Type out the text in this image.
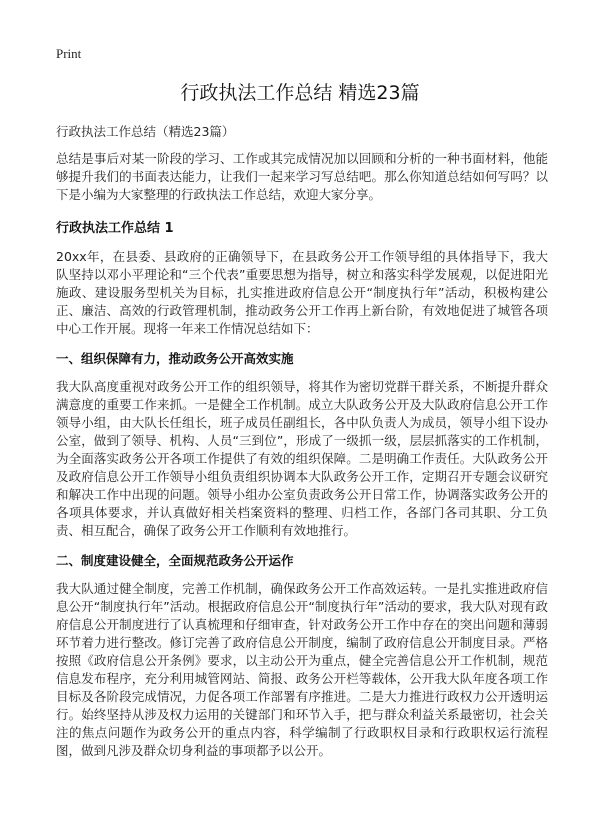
Print
行政执法工作总结 精选23篇
行政执法工作总结（精选23篇）

总结是事后对某一阶段的学习、工作或其完成情况加以回顾和分析的一种书面材料，他能够提升我们的书面表达能力，让我们一起来学习写总结吧。那么你知道总结如何写吗？以下是小编为大家整理的行政执法工作总结，欢迎大家分享。

行政执法工作总结 1

20xx年，在县委、县政府的正确领导下，在县政务公开工作领导组的具体指导下，我大队坚持以邓小平理论和“三个代表”重要思想为指导，树立和落实科学发展观，以促进阳光施政、建设服务型机关为目标，扎实推进政府信息公开“制度执行年”活动，积极构建公正、廉洁、高效的行政管理机制，推动政务公开工作再上新台阶，有效地促进了城管各项中心工作开展。现将一年来工作情况总结如下：

一、组织保障有力，推动政务公开高效实施

我大队高度重视对政务公开工作的组织领导，将其作为密切党群干群关系，不断提升群众满意度的重要工作来抓。一是健全工作机制。成立大队政务公开及大队政府信息公开工作领导小组，由大队长任组长，班子成员任副组长，各中队负责人为成员，领导小组下设办公室，做到了领导、机构、人员“三到位”，形成了一级抓一级，层层抓落实的工作机制，为全面落实政务公开各项工作提供了有效的组织保障。二是明确工作责任。大队政务公开及政府信息公开工作领导小组负责组织协调本大队政务公开工作，定期召开专题会议研究和解决工作中出现的问题。领导小组办公室负责政务公开日常工作，协调落实政务公开的各项具体要求，并认真做好相关档案资料的整理、归档工作，各部门各司其职、分工负责、相互配合，确保了政务公开工作顺利有效地推行。

二、制度建设健全，全面规范政务公开运作

我大队通过健全制度，完善工作机制，确保政务公开工作高效运转。一是扎实推进政府信息公开“制度执行年”活动。根据政府信息公开“制度执行年”活动的要求，我大队对现有政府信息公开制度进行了认真梳理和仔细审查，针对政务公开工作中存在的突出问题和薄弱环节着力进行整改。修订完善了政府信息公开制度，编制了政府信息公开制度目录。严格按照《政府信息公开条例》要求，以主动公开为重点，健全完善信息公开工作机制，规范信息发布程序，充分利用城管网站、简报、政务公开栏等载体，公开我大队年度各项工作目标及各阶段完成情况，力促各项工作部署有序推进。二是大力推进行政权力公开透明运行。始终坚持从涉及权力运用的关键部门和环节入手，把与群众利益关系最密切，社会关注的焦点问题作为政务公开的重点内容，科学编制了行政职权目录和行政职权运行流程图，做到凡涉及群众切身利益的事项都予以公开。
